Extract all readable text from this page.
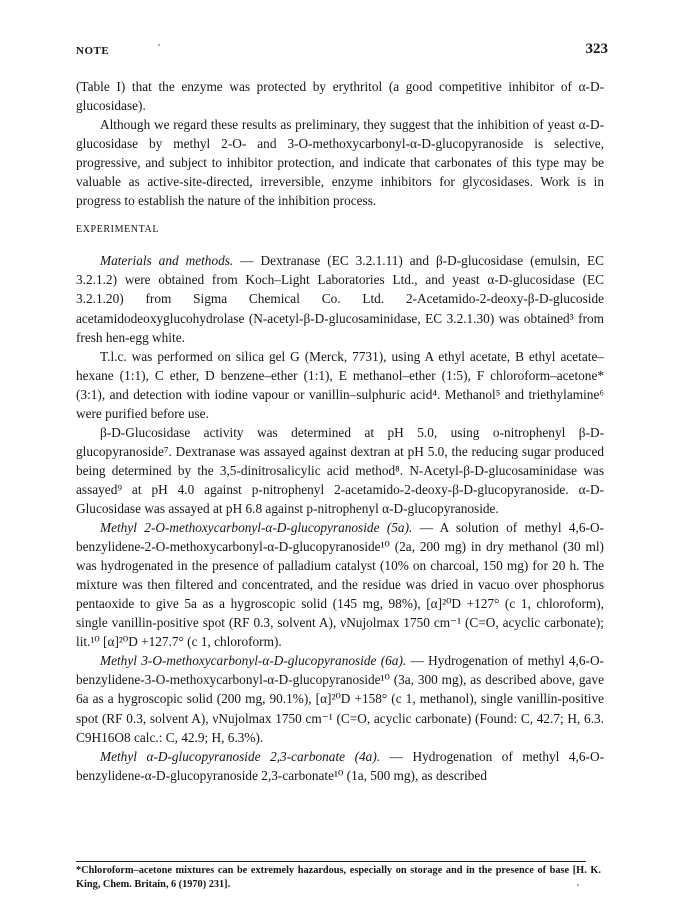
NOTE	323

(Table I) that the enzyme was protected by erythritol (a good competitive inhibitor of α-D-glucosidase).

Although we regard these results as preliminary, they suggest that the inhibition of yeast α-D-glucosidase by methyl 2-O- and 3-O-methoxycarbonyl-α-D-glucopyranoside is selective, progressive, and subject to inhibitor protection, and indicate that carbonates of this type may be valuable as active-site-directed, irreversible, enzyme inhibitors for glycosidases. Work is in progress to establish the nature of the inhibition process.

EXPERIMENTAL

Materials and methods. — Dextranase (EC 3.2.1.11) and β-D-glucosidase (emulsin, EC 3.2.1.2) were obtained from Koch–Light Laboratories Ltd., and yeast α-D-glucosidase (EC 3.2.1.20) from Sigma Chemical Co. Ltd. 2-Acetamido-2-deoxy-β-D-glucoside acetamidodeoxyglucohydrolase (N-acetyl-β-D-glucosaminidase, EC 3.2.1.30) was obtained³ from fresh hen-egg white.

T.l.c. was performed on silica gel G (Merck, 7731), using A ethyl acetate, B ethyl acetate–hexane (1:1), C ether, D benzene–ether (1:1), E methanol–ether (1:5), F chloroform–acetone* (3:1), and detection with iodine vapour or vanillin–sulphuric acid⁴. Methanol⁵ and triethylamine⁶ were purified before use.

β-D-Glucosidase activity was determined at pH 5.0, using o-nitrophenyl β-D-glucopyranoside⁷. Dextranase was assayed against dextran at pH 5.0, the reducing sugar produced being determined by the 3,5-dinitrosalicylic acid method⁸. N-Acetyl-β-D-glucosaminidase was assayed⁹ at pH 4.0 against p-nitrophenyl 2-acetamido-2-deoxy-β-D-glucopyranoside. α-D-Glucosidase was assayed at pH 6.8 against p-nitrophenyl α-D-glucopyranoside.

Methyl 2-O-methoxycarbonyl-α-D-glucopyranoside (5a). — A solution of methyl 4,6-O-benzylidene-2-O-methoxycarbonyl-α-D-glucopyranoside¹⁰ (2a, 200 mg) in dry methanol (30 ml) was hydrogenated in the presence of palladium catalyst (10% on charcoal, 150 mg) for 20 h. The mixture was then filtered and concentrated, and the residue was dried in vacuo over phosphorus pentaoxide to give 5a as a hygroscopic solid (145 mg, 98%), [α]²⁰D +127° (c 1, chloroform), single vanillin-positive spot (RF 0.3, solvent A), νNujolmax 1750 cm⁻¹ (C=O, acyclic carbonate); lit.¹⁰ [α]²⁰D +127.7° (c 1, chloroform).

Methyl 3-O-methoxycarbonyl-α-D-glucopyranoside (6a). — Hydrogenation of methyl 4,6-O-benzylidene-3-O-methoxycarbonyl-α-D-glucopyranoside¹⁰ (3a, 300 mg), as described above, gave 6a as a hygroscopic solid (200 mg, 90.1%), [α]²⁰D +158° (c 1, methanol), single vanillin-positive spot (RF 0.3, solvent A), νNujolmax 1750 cm⁻¹ (C=O, acyclic carbonate) (Found: C, 42.7; H, 6.3. C9H16O8 calc.: C, 42.9; H, 6.3%).

Methyl α-D-glucopyranoside 2,3-carbonate (4a). — Hydrogenation of methyl 4,6-O-benzylidene-α-D-glucopyranoside 2,3-carbonate¹⁰ (1a, 500 mg), as described

*Chloroform–acetone mixtures can be extremely hazardous, especially on storage and in the presence of base [H. K. King, Chem. Britain, 6 (1970) 231].
